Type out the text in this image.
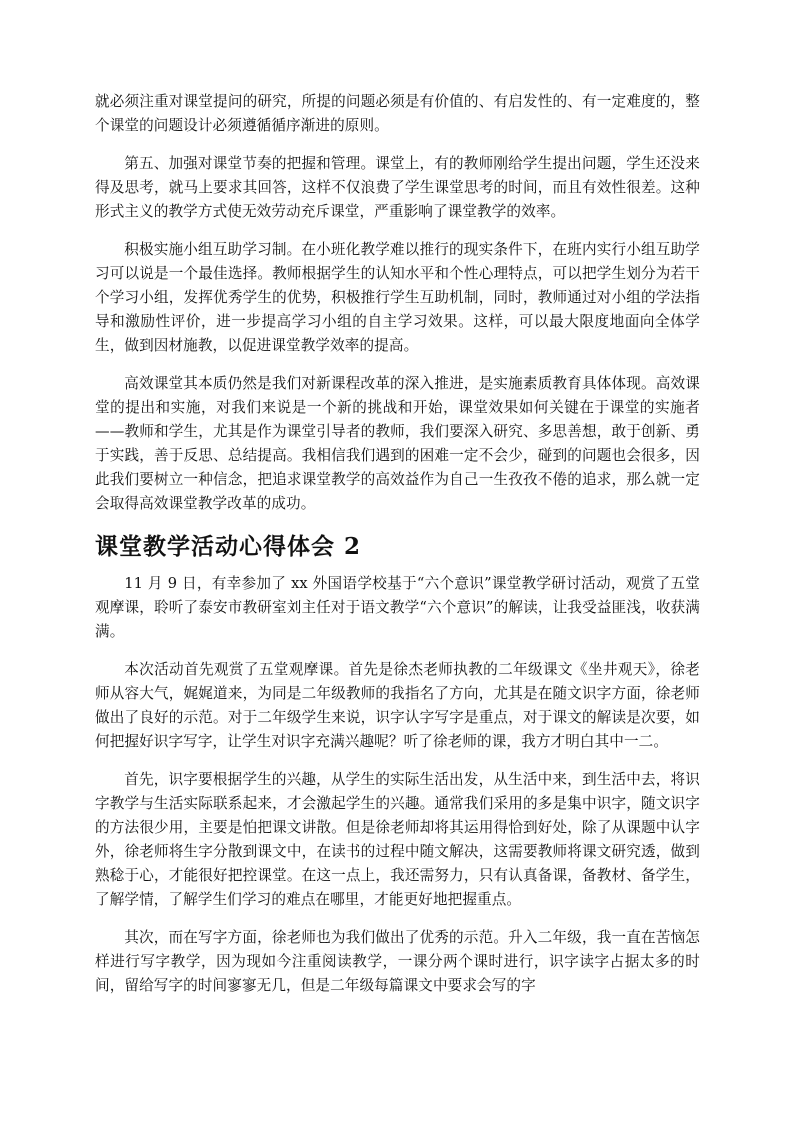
就必须注重对课堂提问的研究，所提的问题必须是有价值的、有启发性的、有一定难度的，整个课堂的问题设计必须遵循循序渐进的原则。

第五、加强对课堂节奏的把握和管理。课堂上，有的教师刚给学生提出问题，学生还没来得及思考，就马上要求其回答，这样不仅浪费了学生课堂思考的时间，而且有效性很差。这种形式主义的教学方式使无效劳动充斥课堂，严重影响了课堂教学的效率。

积极实施小组互助学习制。在小班化教学难以推行的现实条件下，在班内实行小组互助学习可以说是一个最佳选择。教师根据学生的认知水平和个性心理特点，可以把学生划分为若干个学习小组，发挥优秀学生的优势，积极推行学生互助机制，同时，教师通过对小组的学法指导和激励性评价，进一步提高学习小组的自主学习效果。这样，可以最大限度地面向全体学生，做到因材施教，以促进课堂教学效率的提高。

高效课堂其本质仍然是我们对新课程改革的深入推进，是实施素质教育具体体现。高效课堂的提出和实施，对我们来说是一个新的挑战和开始，课堂效果如何关键在于课堂的实施者——教师和学生，尤其是作为课堂引导者的教师，我们要深入研究、多思善想，敢于创新、勇于实践，善于反思、总结提高。我相信我们遇到的困难一定不会少，碰到的问题也会很多，因此我们要树立一种信念，把追求课堂教学的高效益作为自己一生孜孜不倦的追求，那么就一定会取得高效课堂教学改革的成功。

课堂教学活动心得体会 2

11 月 9 日，有幸参加了 xx 外国语学校基于“六个意识”课堂教学研讨活动，观赏了五堂观摩课，聆听了泰安市教研室刘主任对于语文教学“六个意识”的解读，让我受益匪浅，收获满满。

本次活动首先观赏了五堂观摩课。首先是徐杰老师执教的二年级课文《坐井观天》，徐老师从容大气，娓娓道来，为同是二年级教师的我指名了方向，尤其是在随文识字方面，徐老师做出了良好的示范。对于二年级学生来说，识字认字写字是重点，对于课文的解读是次要，如何把握好识字写字，让学生对识字充满兴趣呢？听了徐老师的课，我方才明白其中一二。

首先，识字要根据学生的兴趣，从学生的实际生活出发，从生活中来，到生活中去，将识字教学与生活实际联系起来，才会激起学生的兴趣。通常我们采用的多是集中识字，随文识字的方法很少用，主要是怕把课文讲散。但是徐老师却将其运用得恰到好处，除了从课题中认字外，徐老师将生字分散到课文中，在读书的过程中随文解决，这需要教师将课文研究透，做到熟稔于心，才能很好把控课堂。在这一点上，我还需努力，只有认真备课，备教材、备学生，了解学情，了解学生们学习的难点在哪里，才能更好地把握重点。

其次，而在写字方面，徐老师也为我们做出了优秀的示范。升入二年级，我一直在苦恼怎样进行写字教学，因为现如今注重阅读教学，一课分两个课时进行，识字读字占据太多的时间，留给写字的时间寥寥无几，但是二年级每篇课文中要求会写的字
